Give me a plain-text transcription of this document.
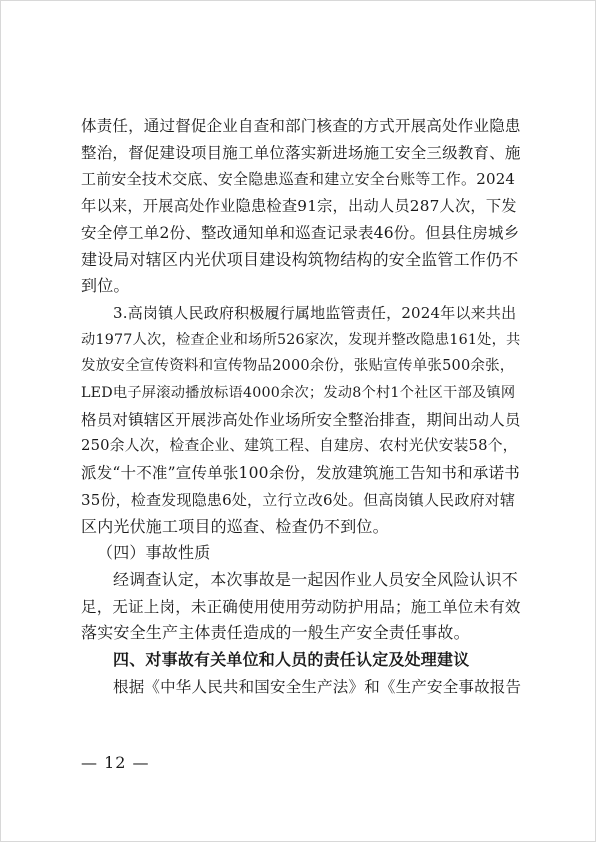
体责任，通过督促企业自查和部门核查的方式开展高处作业隐患
整治，督促建设项目施工单位落实新进场施工安全三级教育、施
工前安全技术交底、安全隐患巡查和建立安全台账等工作。2024
年以来，开展高处作业隐患检查91宗，出动人员287人次，下发
安全停工单2份、整改通知单和巡查记录表46份。但县住房城乡
建设局对辖区内光伏项目建设构筑物结构的安全监管工作仍不
到位。

3.高岗镇人民政府积极履行属地监管责任，2024年以来共出
动1977人次，检查企业和场所526家次，发现并整改隐患161处，共
发放安全宣传资料和宣传物品2000余份，张贴宣传单张500余张，
LED电子屏滚动播放标语4000余次；发动8个村1个社区干部及镇网
格员对镇辖区开展涉高处作业场所安全整治排查，期间出动人员
250余人次，检查企业、建筑工程、自建房、农村光伏安装58个，
派发“十不准”宣传单张100余份，发放建筑施工告知书和承诺书
35份，检查发现隐患6处，立行立改6处。但高岗镇人民政府对辖
区内光伏施工项目的巡查、检查仍不到位。

（四）事故性质

经调查认定，本次事故是一起因作业人员安全风险认识不
足，无证上岗，未正确使用使用劳动防护用品；施工单位未有效
落实安全生产主体责任造成的一般生产安全责任事故。

四、对事故有关单位和人员的责任认定及处理建议

根据《中华人民共和国安全生产法》和《生产安全事故报告

— 12 —
